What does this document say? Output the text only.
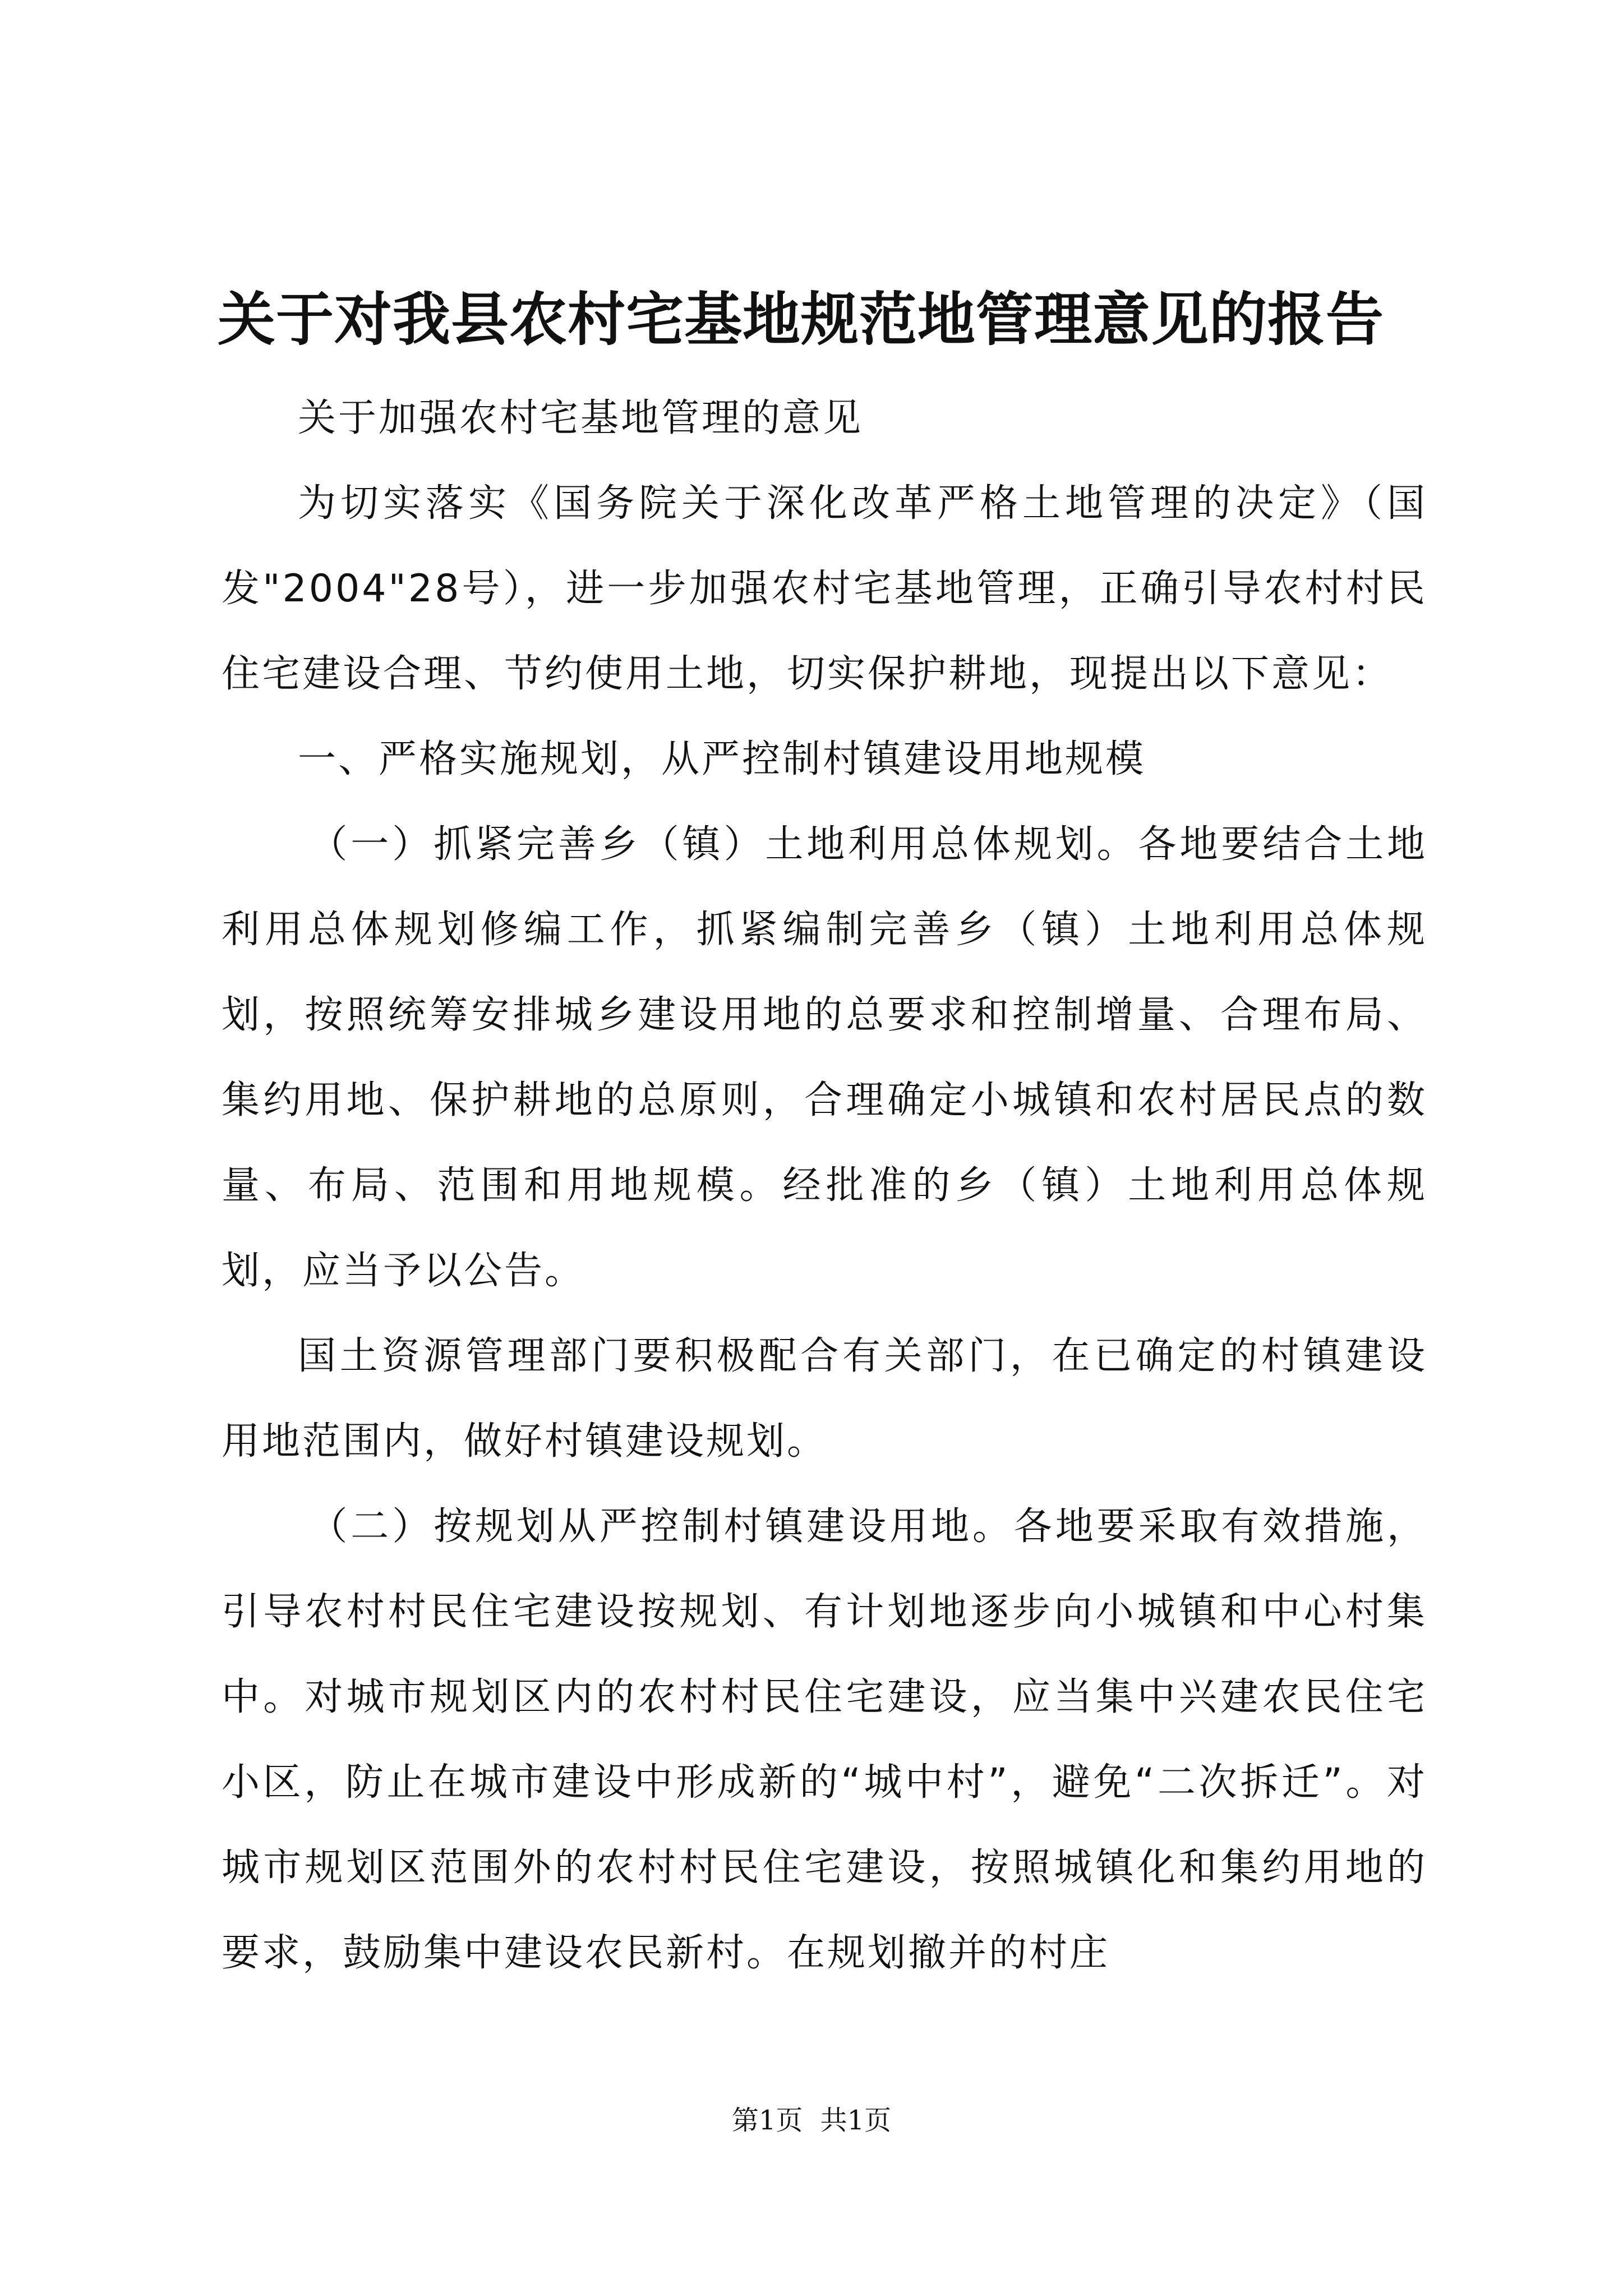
关于对我县农村宅基地规范地管理意见的报告

关于加强农村宅基地管理的意见

为切实落实《国务院关于深化改革严格土地管理的决定》（国发"2004"28号），进一步加强农村宅基地管理，正确引导农村村民住宅建设合理、节约使用土地，切实保护耕地，现提出以下意见：

一、严格实施规划，从严控制村镇建设用地规模

（一）抓紧完善乡（镇）土地利用总体规划。各地要结合土地利用总体规划修编工作，抓紧编制完善乡（镇）土地利用总体规划，按照统筹安排城乡建设用地的总要求和控制增量、合理布局、集约用地、保护耕地的总原则，合理确定小城镇和农村居民点的数量、布局、范围和用地规模。经批准的乡（镇）土地利用总体规划，应当予以公告。

国土资源管理部门要积极配合有关部门，在已确定的村镇建设用地范围内，做好村镇建设规划。

（二）按规划从严控制村镇建设用地。各地要采取有效措施，引导农村村民住宅建设按规划、有计划地逐步向小城镇和中心村集中。对城市规划区内的农村村民住宅建设，应当集中兴建农民住宅小区，防止在城市建设中形成新的“城中村”，避免“二次拆迁”。对城市规划区范围外的农村村民住宅建设，按照城镇化和集约用地的要求，鼓励集中建设农民新村。在规划撤并的村庄

第1页 共1页
